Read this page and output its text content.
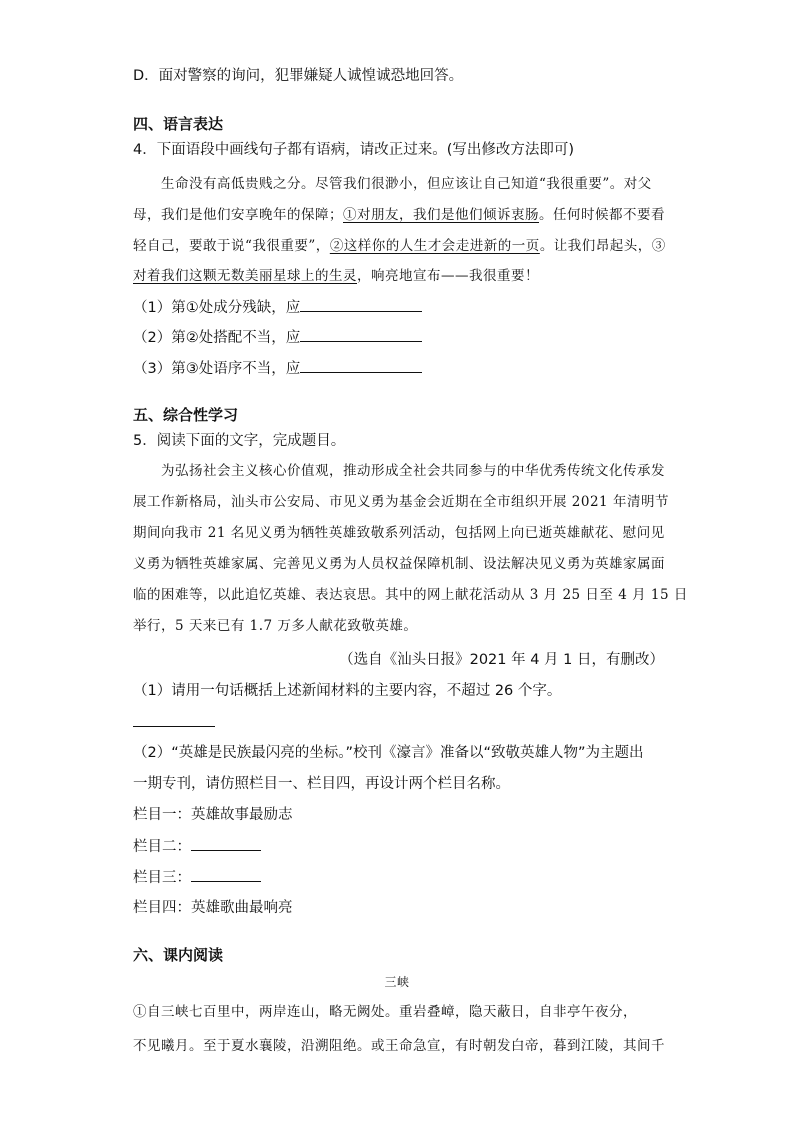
D．面对警察的询问，犯罪嫌疑人诚惶诚恐地回答。
四、语言表达
4．下面语段中画线句子都有语病，请改正过来。(写出修改方法即可)
生命没有高低贵贱之分。尽管我们很渺小，但应该让自己知道“我很重要”。对父
母，我们是他们安享晚年的保障；①对朋友，我们是他们倾诉衷肠。任何时候都不要看
轻自己，要敢于说“我很重要”，②这样你的人生才会走进新的一页。让我们昂起头，③
对着我们这颗无数美丽星球上的生灵，响亮地宣布——我很重要！
（1）第①处成分残缺，应
（2）第②处搭配不当，应
（3）第③处语序不当，应
五、综合性学习
5．阅读下面的文字，完成题目。
为弘扬社会主义核心价值观，推动形成全社会共同参与的中华优秀传统文化传承发
展工作新格局，汕头市公安局、市见义勇为基金会近期在全市组织开展 2021 年清明节
期间向我市 21 名见义勇为牺牲英雄致敬系列活动，包括网上向已逝英雄献花、慰问见
义勇为牺牲英雄家属、完善见义勇为人员权益保障机制、设法解决见义勇为英雄家属面
临的困难等，以此追忆英雄、表达哀思。其中的网上献花活动从 3 月 25 日至 4 月 15 日
举行，5 天来已有 1.7 万多人献花致敬英雄。
（选自《汕头日报》2021 年 4 月 1 日，有删改）
（1）请用一句话概括上述新闻材料的主要内容，不超过 26 个字。
（2）“英雄是民族最闪亮的坐标。”校刊《濠言》准备以“致敬英雄人物”为主题出
一期专刊，请仿照栏目一、栏目四，再设计两个栏目名称。
栏目一：英雄故事最励志
栏目二：
栏目三：
栏目四：英雄歌曲最响亮
六、课内阅读
三峡
①自三峡七百里中，两岸连山，略无阙处。重岩叠嶂，隐天蔽日，自非亭午夜分，
不见曦月。至于夏水襄陵，沿溯阻绝。或王命急宣，有时朝发白帝，暮到江陵，其间千
